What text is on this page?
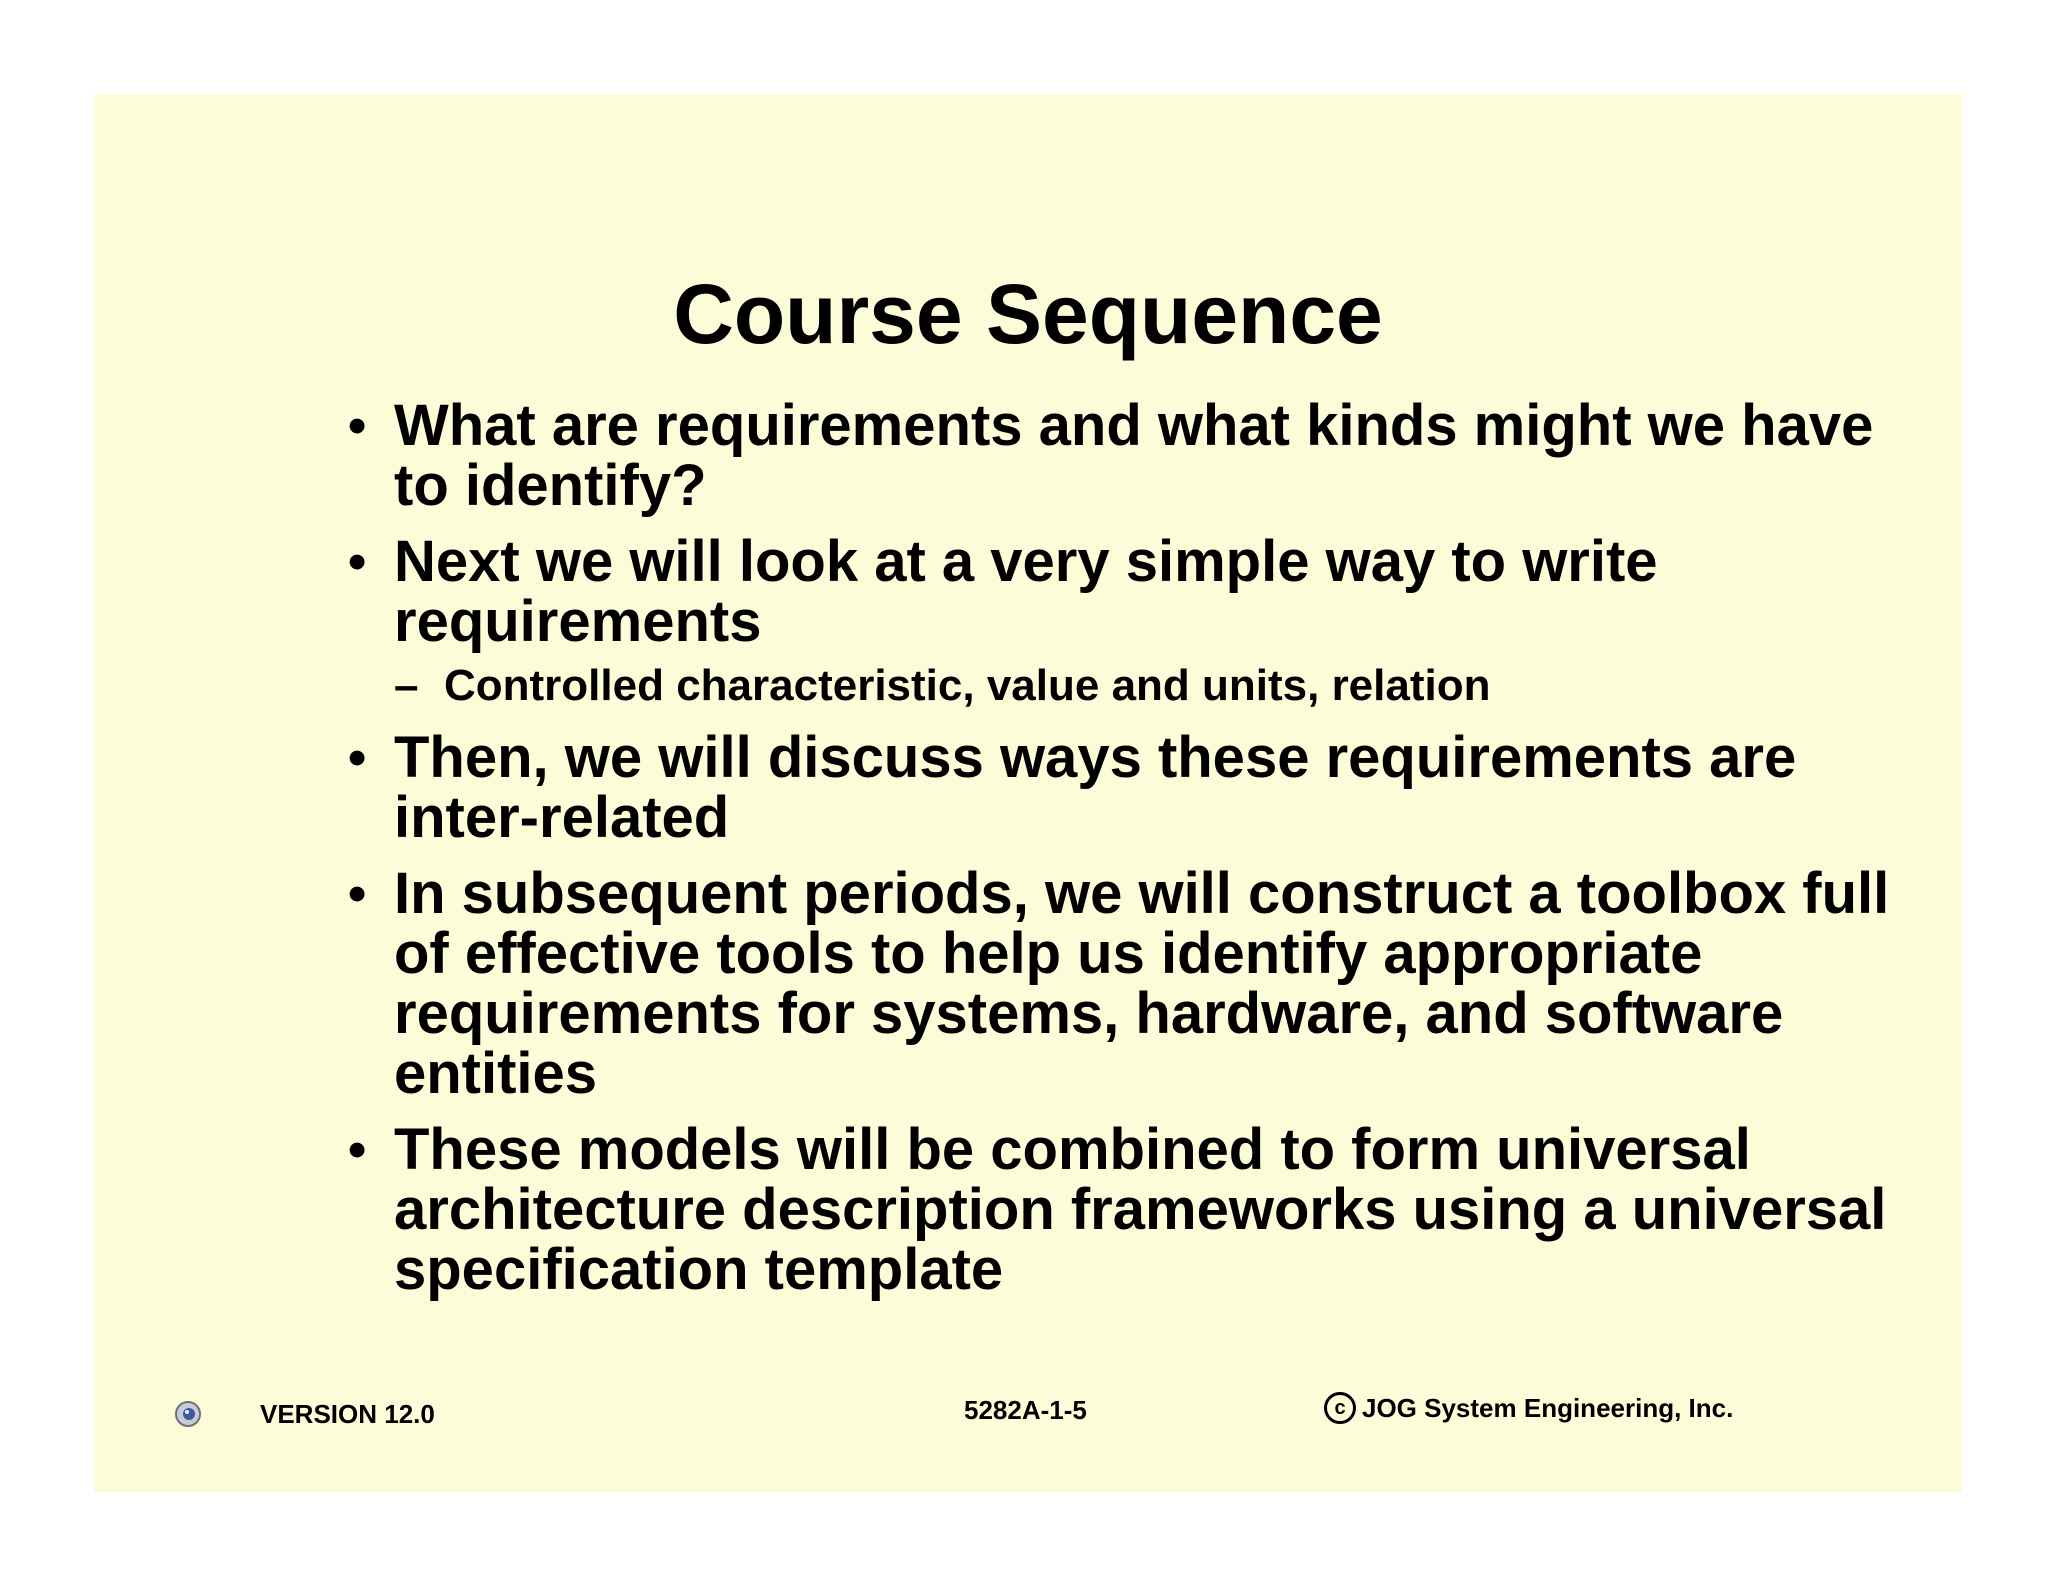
Course Sequence
• What are requirements and what kinds might we have to identify?
• Next we will look at a very simple way to write requirements
– Controlled characteristic, value and units, relation
• Then, we will discuss ways these requirements are inter-related
• In subsequent periods, we will construct a toolbox full of effective tools to help us identify appropriate requirements for systems, hardware, and software entities
• These models will be combined to form universal architecture description frameworks using a universal specification template
VERSION 12.0	5282A-1-5	c JOG System Engineering, Inc.
